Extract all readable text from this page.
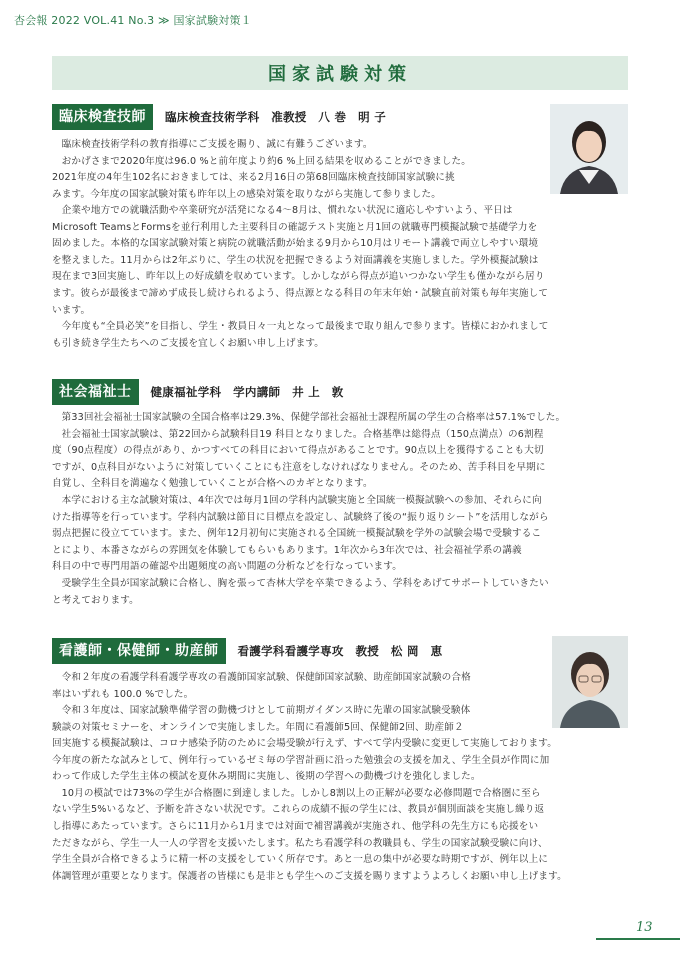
杏会報 2022 VOL.41 No.3 ≫ 国家試験対策１
国家試験対策
臨床検査技師	臨床検査技術学科　准教授　八 巻　明 子

臨床検査技術学科の教育指導にご支援を賜り、誠に有難うございます。

おかげさまで2020年度は96.0 %と前年度より約6 %上回る結果を収めることができました。

2021年度の4年生102名におきましては、来る2月16日の第68回臨床検査技師国家試験に挑

みます。今年度の国家試験対策も昨年以上の感染対策を取りながら実施して参りました。

企業や地方での就職活動や卒業研究が活発になる4～8月は、慣れない状況に適応しやすいよう、平日は

Microsoft TeamsとFormsを並行利用した主要科目の確認テスト実施と月1回の就職専門模擬試験で基礎学力を

固めました。本格的な国家試験対策と病院の就職活動が始まる9月から10月はリモート講義で両立しやすい環境

を整えました。11月からは2年ぶりに、学生の状況を把握できるよう対面講義を実施しました。学外模擬試験は

現在まで3回実施し、昨年以上の好成績を収めています。しかしながら得点が追いつかない学生も僅かながら居り

ます。彼らが最後まで諦めず成長し続けられるよう、得点源となる科目の年末年始・試験直前対策も毎年実施して

います。

今年度も“全員必笑”を目指し、学生・教員日々一丸となって最後まで取り組んで参ります。皆様におかれまして

も引き続き学生たちへのご支援を宜しくお願い申し上げます。

社会福祉士	健康福祉学科　学内講師　井 上　敦

第33回社会福祉士国家試験の全国合格率は29.3%、保健学部社会福祉士課程所属の学生の合格率は57.1%でした。

社会福祉士国家試験は、第22回から試験科目19 科目となりました。合格基準は総得点（150点満点）の6割程

度（90点程度）の得点があり、かつすべての科目において得点があることです。90点以上を獲得することも大切

ですが、0点科目がないように対策していくことにも注意をしなければなりません。そのため、苦手科目を早期に

自覚し、全科目を満遍なく勉強していくことが合格へのカギとなります。

本学における主な試験対策は、4年次では毎月1回の学科内試験実施と全国統一模擬試験への参加、それらに向

けた指導等を行っています。学科内試験は節目に目標点を設定し、試験終了後の“振り返りシート”を活用しながら

弱点把握に役立てています。また、例年12月初旬に実施される全国統一模擬試験を学外の試験会場で受験するこ

とにより、本番さながらの雰囲気を体験してもらいもあります。1年次から3年次では、社会福祉学系の講義

科目の中で専門用語の確認や出題頻度の高い問題の分析などを行なっています。

受験学生全員が国家試験に合格し、胸を張って杏林大学を卒業できるよう、学科をあげてサポートしていきたい

と考えております。

看護師・保健師・助産師	看護学科看護学専攻　教授　松 岡　恵

令和２年度の看護学科看護学専攻の看護師国家試験、保健師国家試験、助産師国家試験の合格

率はいずれも 100.0 %でした。

令和３年度は、国家試験準備学習の動機づけとして前期ガイダンス時に先輩の国家試験受験体

験談の対策セミナーを、オンラインで実施しました。年間に看護師5回、保健師2回、助産師２

回実施する模擬試験は、コロナ感染予防のために会場受験が行えず、すべて学内受験に変更して実施しております。

今年度の新たな試みとして、例年行っているゼミ毎の学習計画に沿った勉強会の支援を加え、学生全員が作問に加

わって作成した学生主体の模試を夏休み期間に実施し、後期の学習への動機づけを強化しました。

10月の模試では73%の学生が合格圏に到達しました。しかし8割以上の正解が必要な必修問題で合格圏に至ら

ない学生5%いるなど、予断を許さない状況です。これらの成績不振の学生には、教員が個別面談を実施し繰り返

し指導にあたっています。さらに11月から1月までは対面で補習講義が実施され、他学科の先生方にも応援をい

ただきながら、学生一人一人の学習を支援いたします。私たち看護学科の教職員も、学生の国家試験受験に向け、

学生全員が合格できるように精一杯の支援をしていく所存です。あと一息の集中が必要な時期ですが、例年以上に

体調管理が重要となります。保護者の皆様にも是非とも学生へのご支援を賜りますようよろしくお願い申し上げます。

13
